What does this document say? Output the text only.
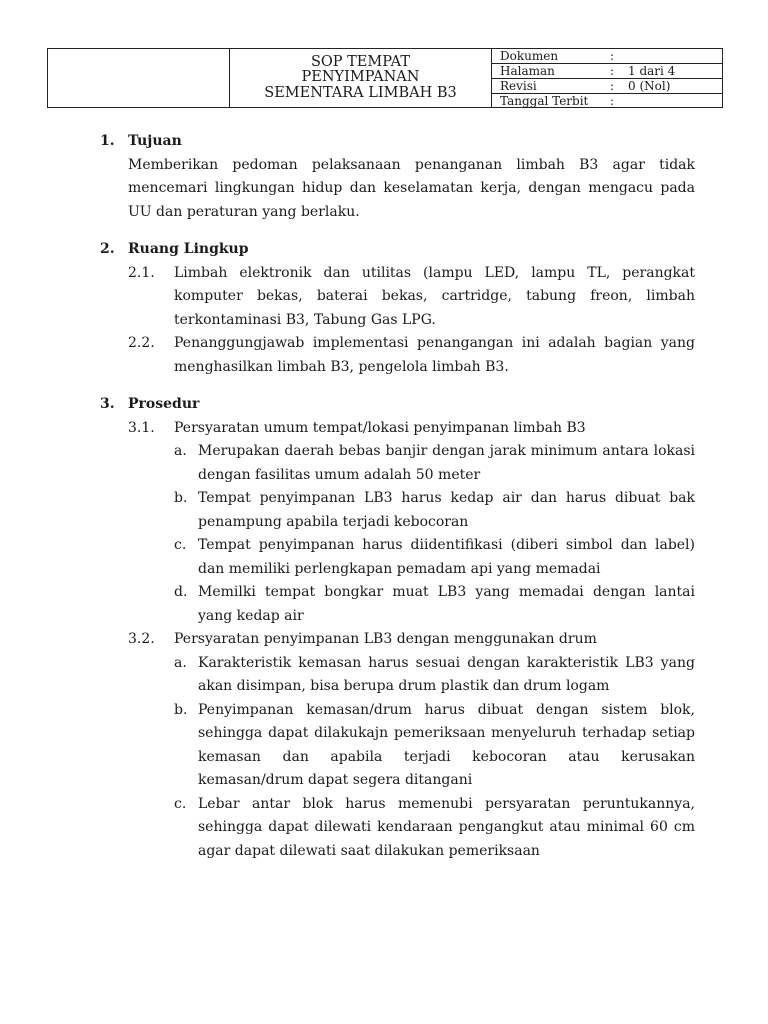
SOP TEMPAT
PENYIMPANAN
SEMENTARA LIMBAH B3
Dokumen	:
Halaman	:	1 dari 4
Revisi	:	0 (Nol)
Tanggal Terbit	:
1. Tujuan
Memberikan pedoman pelaksanaan penanganan limbah B3 agar tidak mencemari lingkungan hidup dan keselamatan kerja, dengan mengacu pada UU dan peraturan yang berlaku.
2. Ruang Lingkup
2.1.	Limbah elektronik dan utilitas (lampu LED, lampu TL, perangkat komputer bekas, baterai bekas, cartridge, tabung freon, limbah terkontaminasi B3, Tabung Gas LPG.
2.2.	Penanggungjawab implementasi penangangan ini adalah bagian yang menghasilkan limbah B3, pengelola limbah B3.
3. Prosedur
3.1.	Persyaratan umum tempat/lokasi penyimpanan limbah B3
a. Merupakan daerah bebas banjir dengan jarak minimum antara lokasi dengan fasilitas umum adalah 50 meter
b. Tempat penyimpanan LB3 harus kedap air dan harus dibuat bak penampung apabila terjadi kebocoran
c. Tempat penyimpanan harus diidentifikasi (diberi simbol dan label) dan memiliki perlengkapan pemadam api yang memadai
d. Memilki tempat bongkar muat LB3 yang memadai dengan lantai yang kedap air
3.2.	Persyaratan penyimpanan LB3 dengan menggunakan drum
a. Karakteristik kemasan harus sesuai dengan karakteristik LB3 yang akan disimpan, bisa berupa drum plastik dan drum logam
b. Penyimpanan kemasan/drum harus dibuat dengan sistem blok, sehingga dapat dilakukajn pemeriksaan menyeluruh terhadap setiap kemasan dan apabila terjadi kebocoran atau kerusakan kemasan/drum dapat segera ditangani
c. Lebar antar blok harus memenubi persyaratan peruntukannya, sehingga dapat dilewati kendaraan pengangkut atau minimal 60 cm agar dapat dilewati saat dilakukan pemeriksaan
